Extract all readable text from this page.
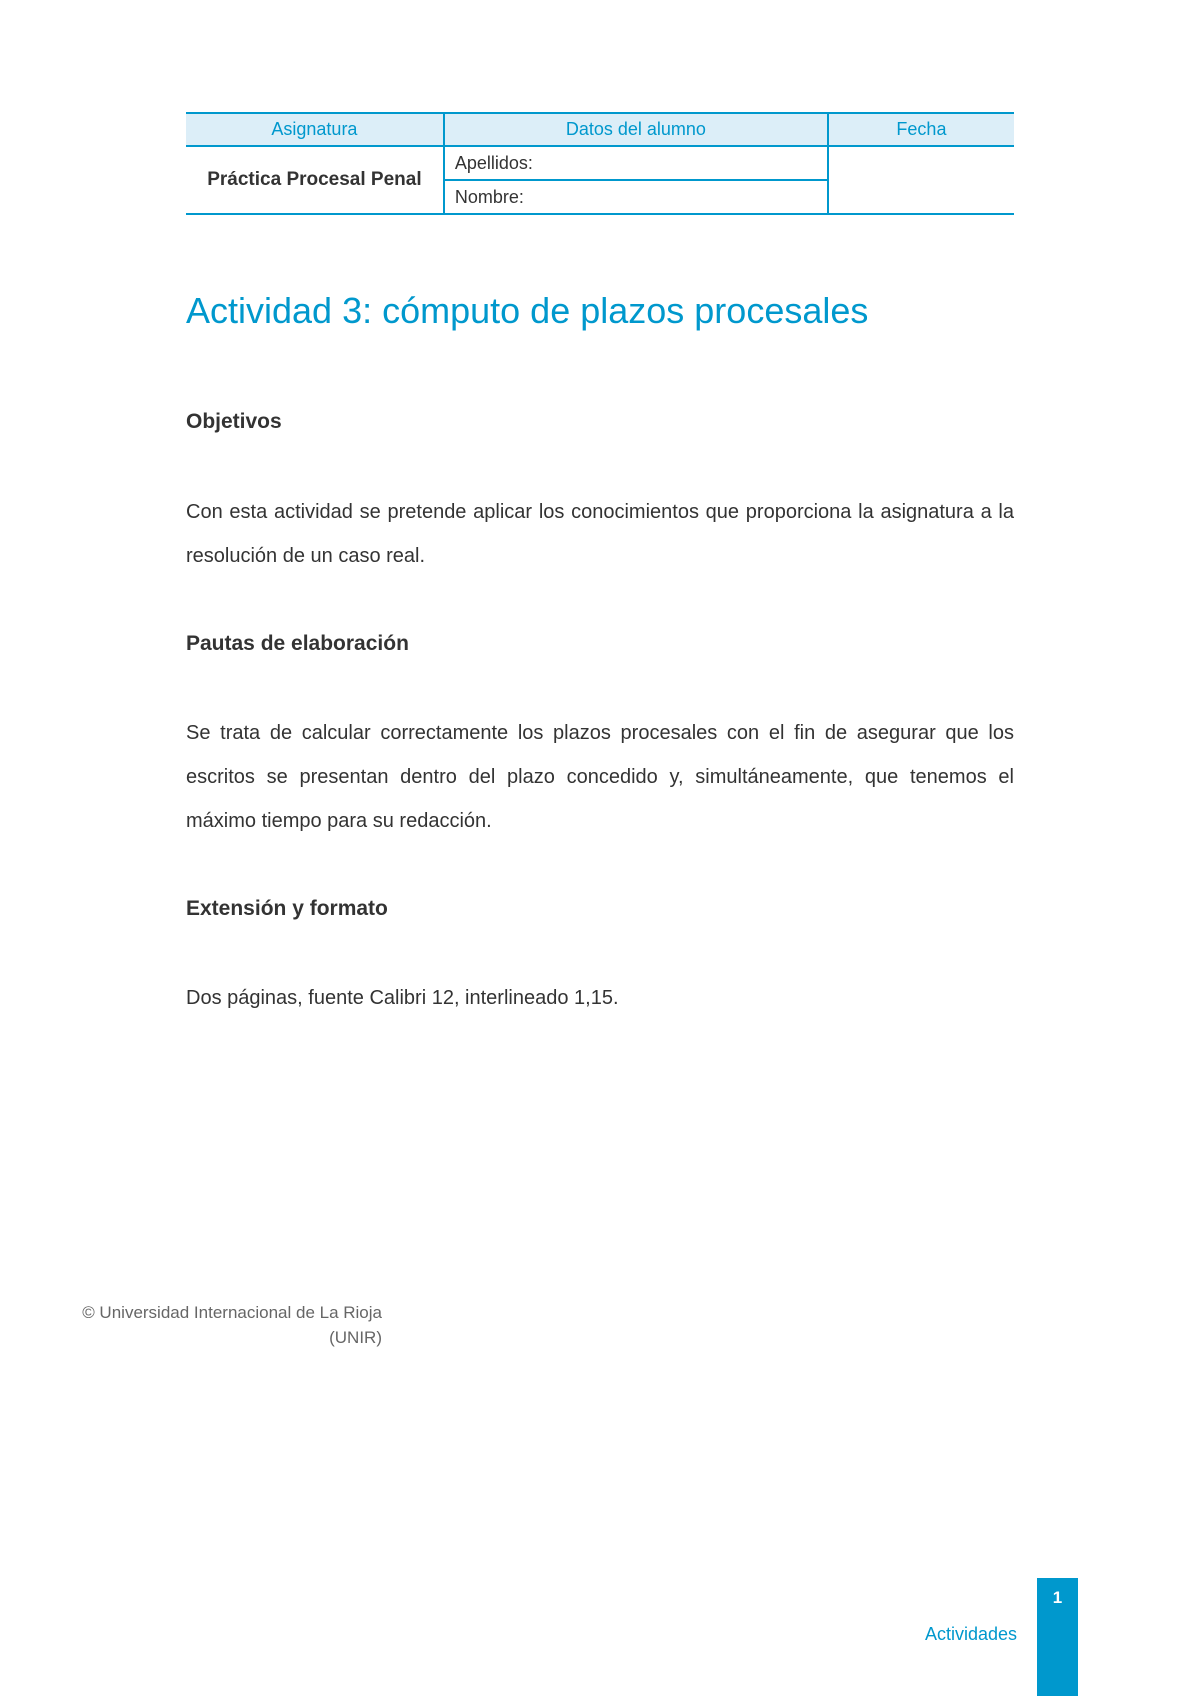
Asignatura	Datos del alumno	Fecha
Práctica Procesal Penal	Apellidos:	
	Nombre:	
Actividad 3: cómputo de plazos procesales
Objetivos

Con esta actividad se pretende aplicar los conocimientos que proporciona la asignatura a la resolución de un caso real.

Pautas de elaboración

Se trata de calcular correctamente los plazos procesales con el fin de asegurar que los escritos se presentan dentro del plazo concedido y, simultáneamente, que tenemos el máximo tiempo para su redacción.

Extensión y formato

Dos páginas, fuente Calibri 12, interlineado 1,15.

© Universidad Internacional de La Rioja
(UNIR)
Actividades
1
